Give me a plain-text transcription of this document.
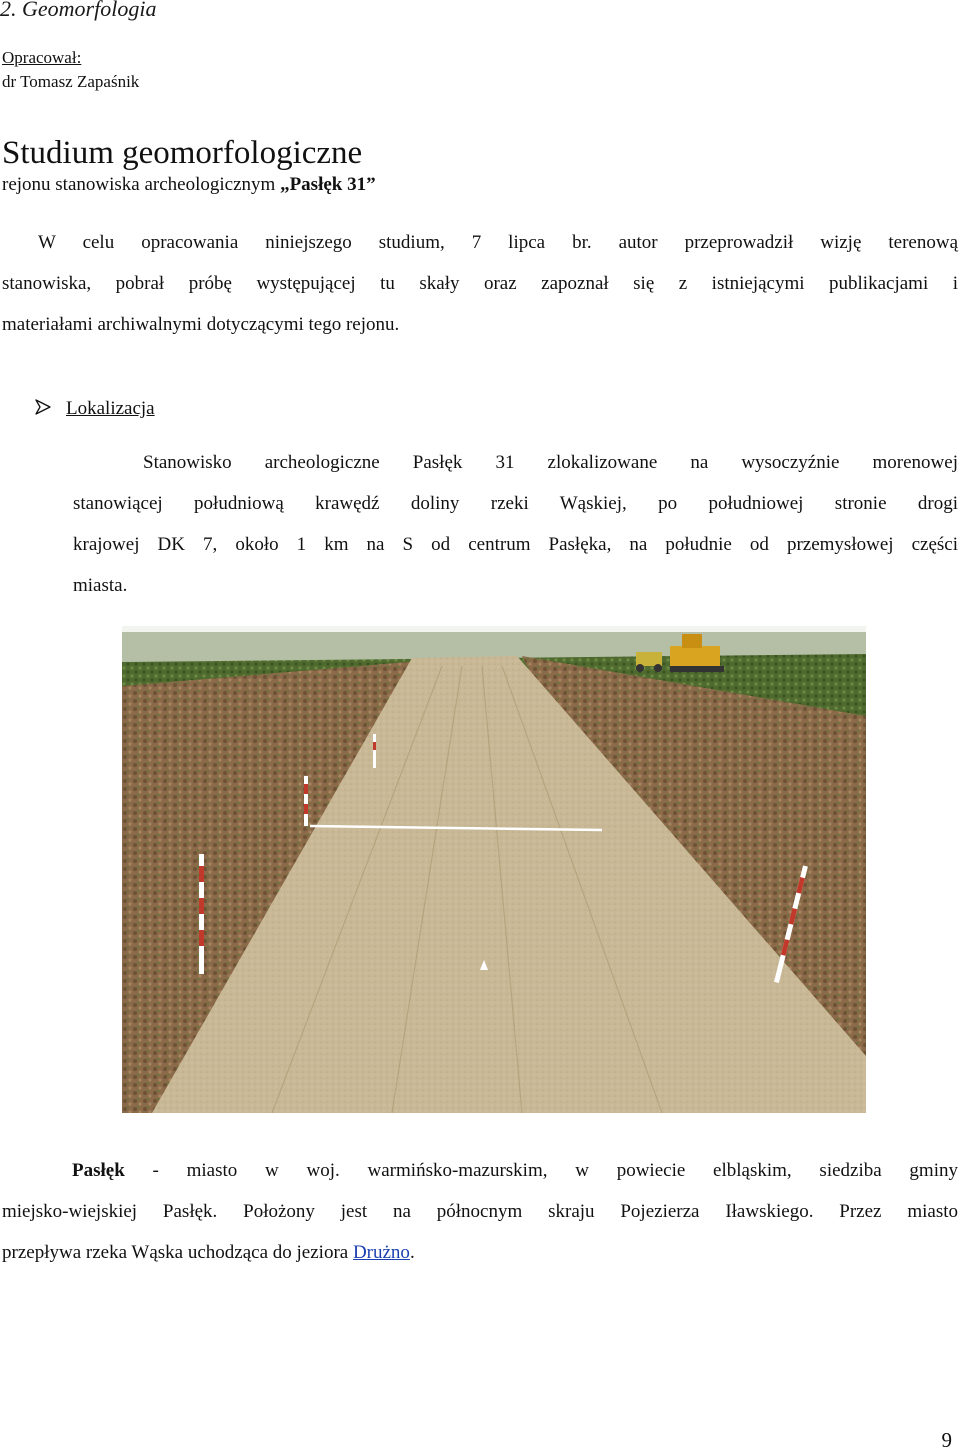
2. Geomorfologia
Opracował:
dr Tomasz Zapaśnik
Studium geomorfologiczne
rejonu stanowiska archeologicznym „Pasłęk 31”
W celu opracowania niniejszego studium, 7 lipca br. autor przeprowadził wizję terenową
stanowiska, pobrał próbę występującej tu skały oraz zapoznał się z istniejącymi publikacjami i
materiałami archiwalnymi dotyczącymi tego rejonu.
Lokalizacja
Stanowisko archeologiczne Pasłęk 31 zlokalizowane na wysoczyźnie morenowej
stanowiącej południową krawędź doliny rzeki Wąskiej, po południowej stronie drogi
krajowej DK 7, około 1 km na S od centrum Pasłęka, na południe od przemysłowej części
miasta.
Pasłęk - miasto w woj. warmińsko-mazurskim, w powiecie elbląskim, siedziba gminy
miejsko-wiejskiej Pasłęk. Położony jest na północnym skraju Pojezierza Iławskiego. Przez miasto
przepływa rzeka Wąska uchodząca do jeziora Drużno.
9
